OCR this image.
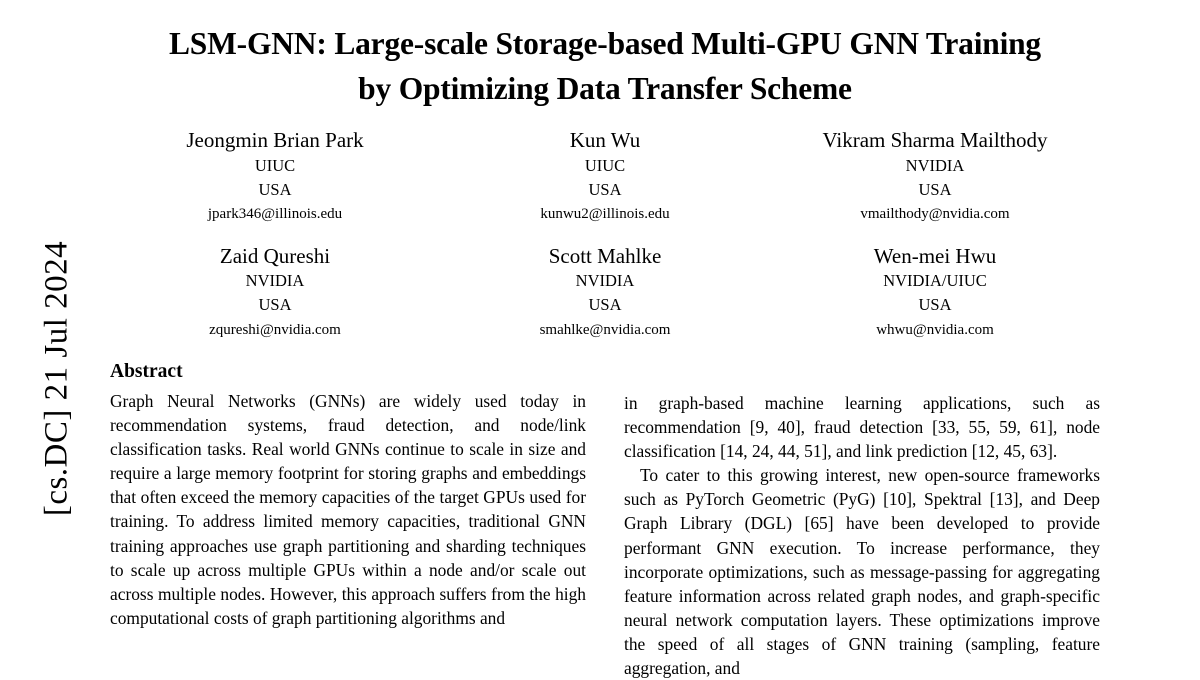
[cs.DC] 21 Jul 2024
LSM-GNN: Large-scale Storage-based Multi-GPU GNN Training by Optimizing Data Transfer Scheme
Jeongmin Brian Park
UIUC
USA
jpark346@illinois.edu
Kun Wu
UIUC
USA
kunwu2@illinois.edu
Vikram Sharma Mailthody
NVIDIA
USA
vmailthody@nvidia.com
Zaid Qureshi
NVIDIA
USA
zqureshi@nvidia.com
Scott Mahlke
NVIDIA
USA
smahlke@nvidia.com
Wen-mei Hwu
NVIDIA/UIUC
USA
whwu@nvidia.com
Abstract

Graph Neural Networks (GNNs) are widely used today in recommendation systems, fraud detection, and node/link classification tasks. Real world GNNs continue to scale in size and require a large memory footprint for storing graphs and embeddings that often exceed the memory capacities of the target GPUs used for training. To address limited memory capacities, traditional GNN training approaches use graph partitioning and sharding techniques to scale up across multiple GPUs within a node and/or scale out across multiple nodes. However, this approach suffers from the high computational costs of graph partitioning algorithms and

in graph-based machine learning applications, such as recommendation [9, 40], fraud detection [33, 55, 59, 61], node classification [14, 24, 44, 51], and link prediction [12, 45, 63].

To cater to this growing interest, new open-source frameworks such as PyTorch Geometric (PyG) [10], Spektral [13], and Deep Graph Library (DGL) [65] have been developed to provide performant GNN execution. To increase performance, they incorporate optimizations, such as message-passing for aggregating feature information across related graph nodes, and graph-specific neural network computation layers. These optimizations improve the speed of all stages of GNN training (sampling, feature aggregation, and
